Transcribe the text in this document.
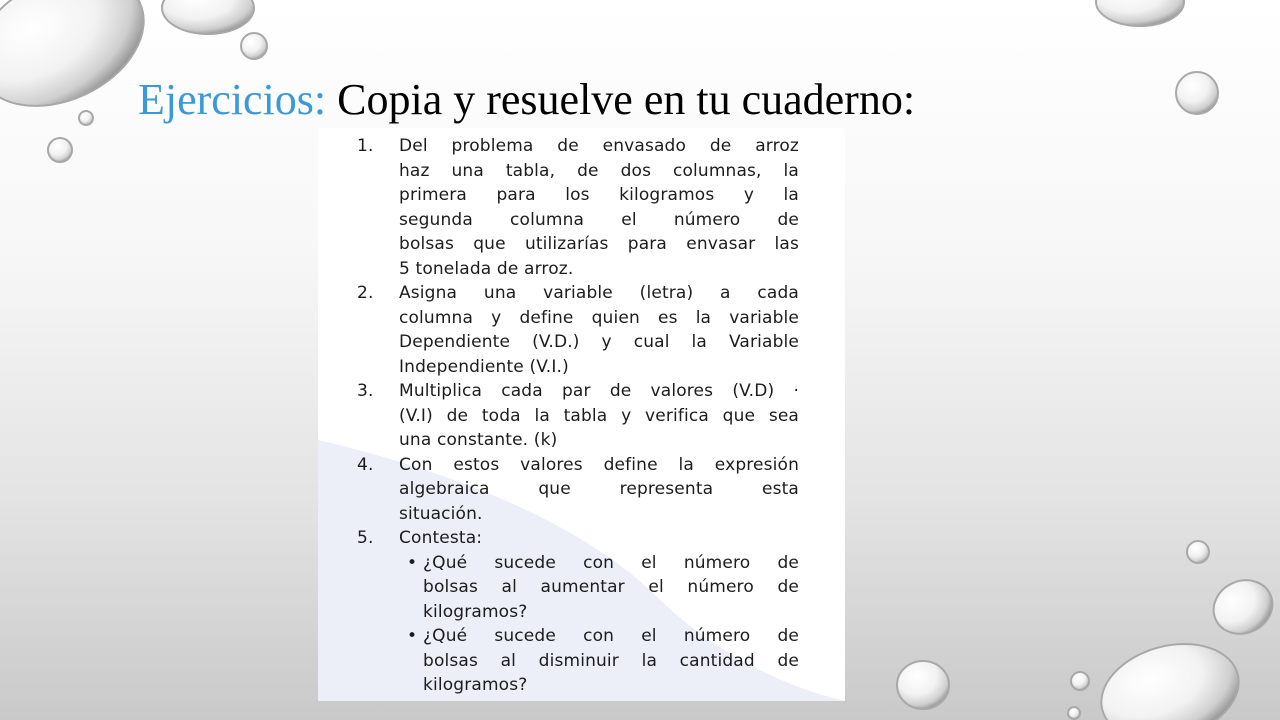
Ejercicios: Copia y resuelve en tu cuaderno:
1.	Del problema de envasado de arroz
haz una tabla, de dos columnas, la
primera para los kilogramos y la
segunda columna el número de
bolsas que utilizarías para envasar las
5 tonelada de arroz.
2.	Asigna una variable (letra) a cada
columna y define quien es la variable
Dependiente (V.D.) y cual la Variable
Independiente (V.I.)
3.	Multiplica cada par de valores (V.D) ·
(V.I) de toda la tabla y verifica que sea
una constante. (k)
4.	Con estos valores define la expresión
algebraica que representa esta
situación.
5.	Contesta:
• ¿Qué sucede con el número de
bolsas al aumentar el número de
kilogramos?
• ¿Qué sucede con el número de
bolsas al disminuir la cantidad de
kilogramos?
